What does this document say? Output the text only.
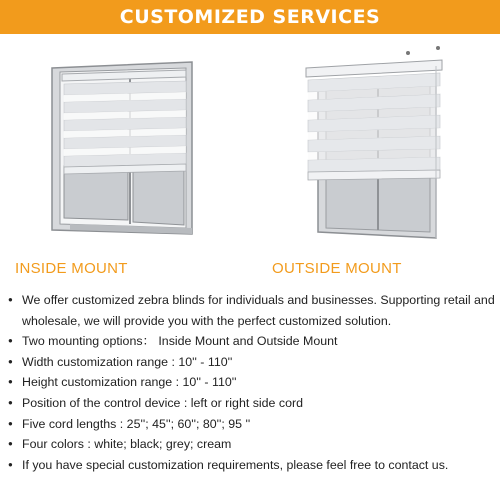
CUSTOMIZED SERVICES
INSIDE MOUNT	OUTSIDE MOUNT
● We offer customized zebra blinds for individuals and businesses. Supporting retail and wholesale, we will provide you with the perfect customized solution.
● Two mounting options： Inside Mount and Outside Mount
● Width customization range : 10'' - 110''
● Height customization range : 10'' - 110''
● Position of the control device : left or right side cord
● Five cord lengths : 25''; 45''; 60''; 80''; 95 ''
● Four colors : white; black; grey; cream
● If you have special customization requirements, please feel free to contact us.
